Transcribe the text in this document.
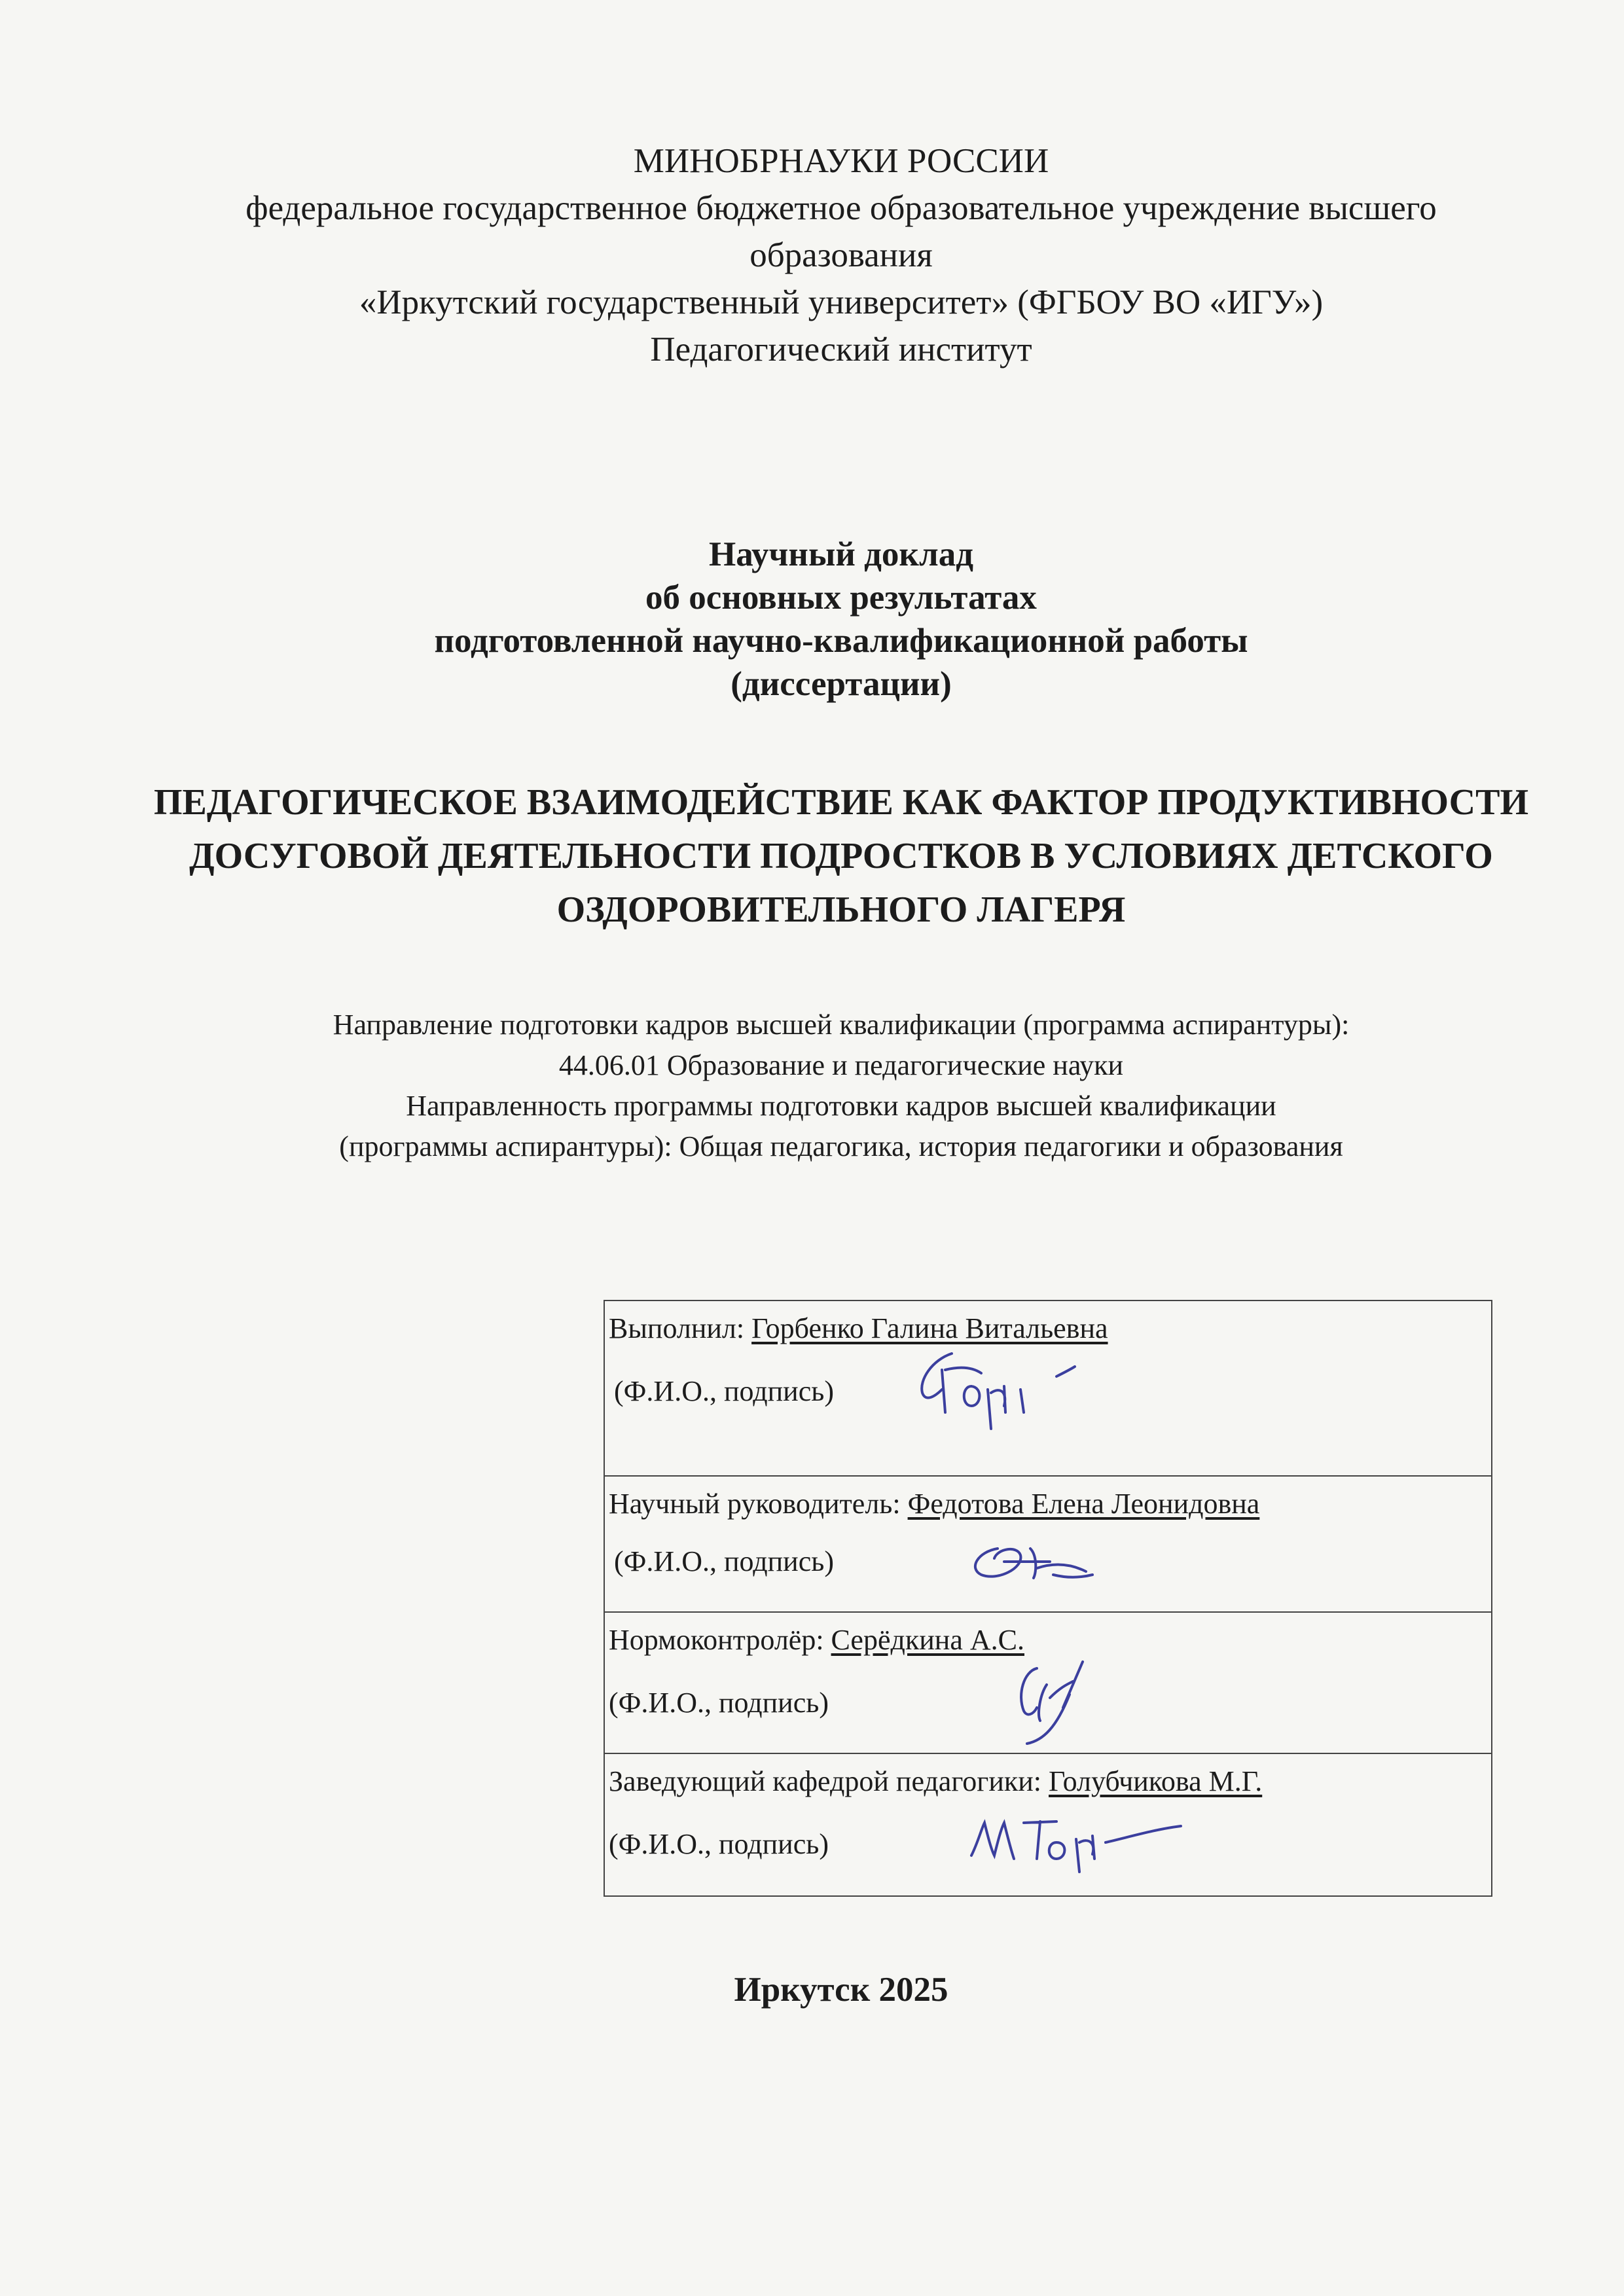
МИНОБРНАУКИ РОССИИ
федеральное государственное бюджетное образовательное учреждение высшего
образования
«Иркутский государственный университет» (ФГБОУ ВО «ИГУ»)
Педагогический институт
Научный доклад
об основных результатах
подготовленной научно-квалификационной работы
(диссертации)
ПЕДАГОГИЧЕСКОЕ ВЗАИМОДЕЙСТВИЕ КАК ФАКТОР ПРОДУКТИВНОСТИ
ДОСУГОВОЙ ДЕЯТЕЛЬНОСТИ ПОДРОСТКОВ В УСЛОВИЯХ ДЕТСКОГО
ОЗДОРОВИТЕЛЬНОГО ЛАГЕРЯ
Направление подготовки кадров высшей квалификации (программа аспирантуры):
44.06.01 Образование и педагогические науки
Направленность программы подготовки кадров высшей квалификации
(программы аспирантуры): Общая педагогика, история педагогики и образования
Выполнил: Горбенко Галина Витальевна
(Ф.И.О., подпись)

Научный руководитель: Федотова Елена Леонидовна
(Ф.И.О., подпись)

Нормоконтролёр: Серёдкина А.С.
(Ф.И.О., подпись)

Заведующий кафедрой педагогики: Голубчикова М.Г.
(Ф.И.О., подпись)
Иркутск 2025
